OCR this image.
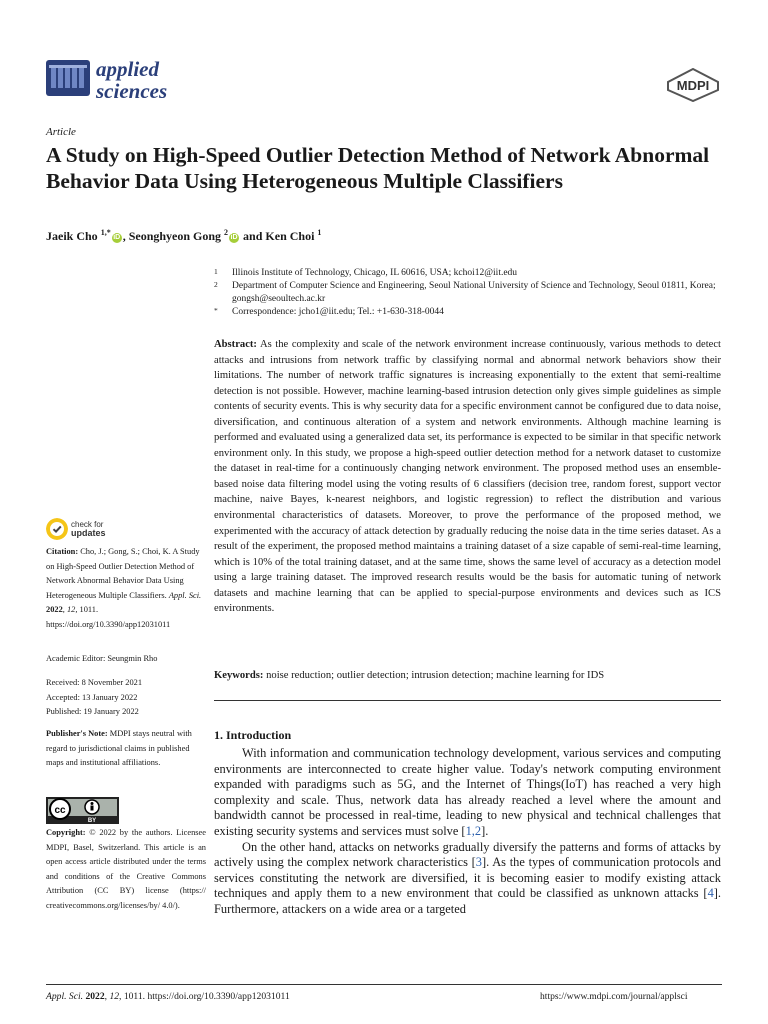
applied
sciences	MDPI
Article
A Study on High-Speed Outlier Detection Method of Network Abnormal Behavior Data Using Heterogeneous Multiple Classifiers
Jaeik Cho $^{1,*}$iD , Seonghyeon Gong $^2$iD and Ken Choi $^1$
1 Illinois Institute of Technology, Chicago, IL 60616, USA; kchoi12@iit.edu
2 Department of Computer Science and Engineering, Seoul National University of Science and Technology, Seoul 01811, Korea; gongsh@seoultech.ac.kr
* Correspondence: jcho1@iit.edu; Tel.: +1-630-318-0044
Abstract: As the complexity and scale of the network environment increase continuously, various methods to detect attacks and intrusions from network traffic by classifying normal and abnormal network behaviors show their limitations. The number of network traffic signatures is increasing exponentially to the extent that semi-realtime detection is not possible. However, machine learning-based intrusion detection only gives simple guidelines as simple contents of security events. This is why security data for a specific environment cannot be configured due to data noise, diversification, and continuous alteration of a system and network environments. Although machine learning is performed and evaluated using a generalized data set, its performance is expected to be similar in that specific network environment only. In this study, we propose a high-speed outlier detection method for a network dataset to customize the dataset in real-time for a continuously changing network environment. The proposed method uses an ensemble-based noise data filtering model using the voting results of 6 classifiers (decision tree, random forest, support vector machine, naive Bayes, k-nearest neighbors, and logistic regression) to reflect the distribution and various environmental characteristics of datasets. Moreover, to prove the performance of the proposed method, we experimented with the accuracy of attack detection by gradually reducing the noise data in the time series dataset. As a result of the experiment, the proposed method maintains a training dataset of a size capable of semi-real-time learning, which is 10% of the total training dataset, and at the same time, shows the same level of accuracy as a detection model using a large training dataset. The improved research results would be the basis for automatic tuning of network datasets and machine learning that can be applied to special-purpose environments and devices such as ICS environments.
Keywords: noise reduction; outlier detection; intrusion detection; machine learning for IDS
1. Introduction

With information and communication technology development, various services and computing environments are interconnected to create higher value. Today's network computing environment expanded with paradigms such as 5G, and the Internet of Things(IoT) has reached a very high complexity and scale. Thus, network data has already reached a level where the amount and bandwidth cannot be processed in real-time, leading to new physical and technical challenges that existing security systems and services must solve [1,2].

On the other hand, attacks on networks gradually diversify the patterns and forms of attacks by actively using the complex network characteristics [3]. As the types of communication protocols and services constituting the network are diversified, it is becoming easier to modify existing attack techniques and apply them to a new environment that could be classified as unknown attacks [4]. Furthermore, attackers on a wide area or a targeted

check for
updates
Citation: Cho, J.; Gong, S.; Choi, K. A Study on High-Speed Outlier Detection Method of Network Abnormal Behavior Data Using Heterogeneous Multiple Classifiers. Appl. Sci. 2022, 12, 1011. https://doi.org/10.3390/app12031011
Academic Editor: Seungmin Rho
Received: 8 November 2021
Accepted: 13 January 2022
Published: 19 January 2022
Publisher's Note: MDPI stays neutral with regard to jurisdictional claims in published maps and institutional affiliations.
cc
BY
Copyright: © 2022 by the authors. Licensee MDPI, Basel, Switzerland. This article is an open access article distributed under the terms and conditions of the Creative Commons Attribution (CC BY) license (https:// creativecommons.org/licenses/by/ 4.0/).
Appl. Sci. 2022, 12, 1011. https://doi.org/10.3390/app12031011	https://www.mdpi.com/journal/applsci
